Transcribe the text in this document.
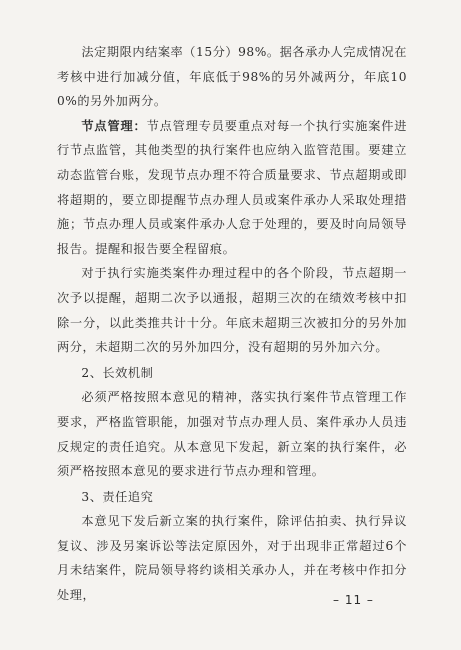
法定期限内结案率（15分）98%。据各承办人完成情况在考核中进行加减分值，年底低于98%的另外减两分，年底100%的另外加两分。

节点管理：节点管理专员要重点对每一个执行实施案件进行节点监管，其他类型的执行案件也应纳入监管范围。要建立动态监管台账，发现节点办理不符合质量要求、节点超期或即将超期的，要立即提醒节点办理人员或案件承办人采取处理措施；节点办理人员或案件承办人怠于处理的，要及时向局领导报告。提醒和报告要全程留痕。

对于执行实施类案件办理过程中的各个阶段，节点超期一次予以提醒，超期二次予以通报，超期三次的在绩效考核中扣除一分，以此类推共计十分。年底未超期三次被扣分的另外加两分，未超期二次的另外加四分，没有超期的另外加六分。

2、长效机制

必须严格按照本意见的精神，落实执行案件节点管理工作要求，严格监管职能，加强对节点办理人员、案件承办人员违反规定的责任追究。从本意见下发起，新立案的执行案件，必须严格按照本意见的要求进行节点办理和管理。

3、责任追究

本意见下发后新立案的执行案件，除评估拍卖、执行异议复议、涉及另案诉讼等法定原因外，对于出现非正常超过6个月未结案件，院局领导将约谈相关承办人，并在考核中作扣分处理，	– 11 –
